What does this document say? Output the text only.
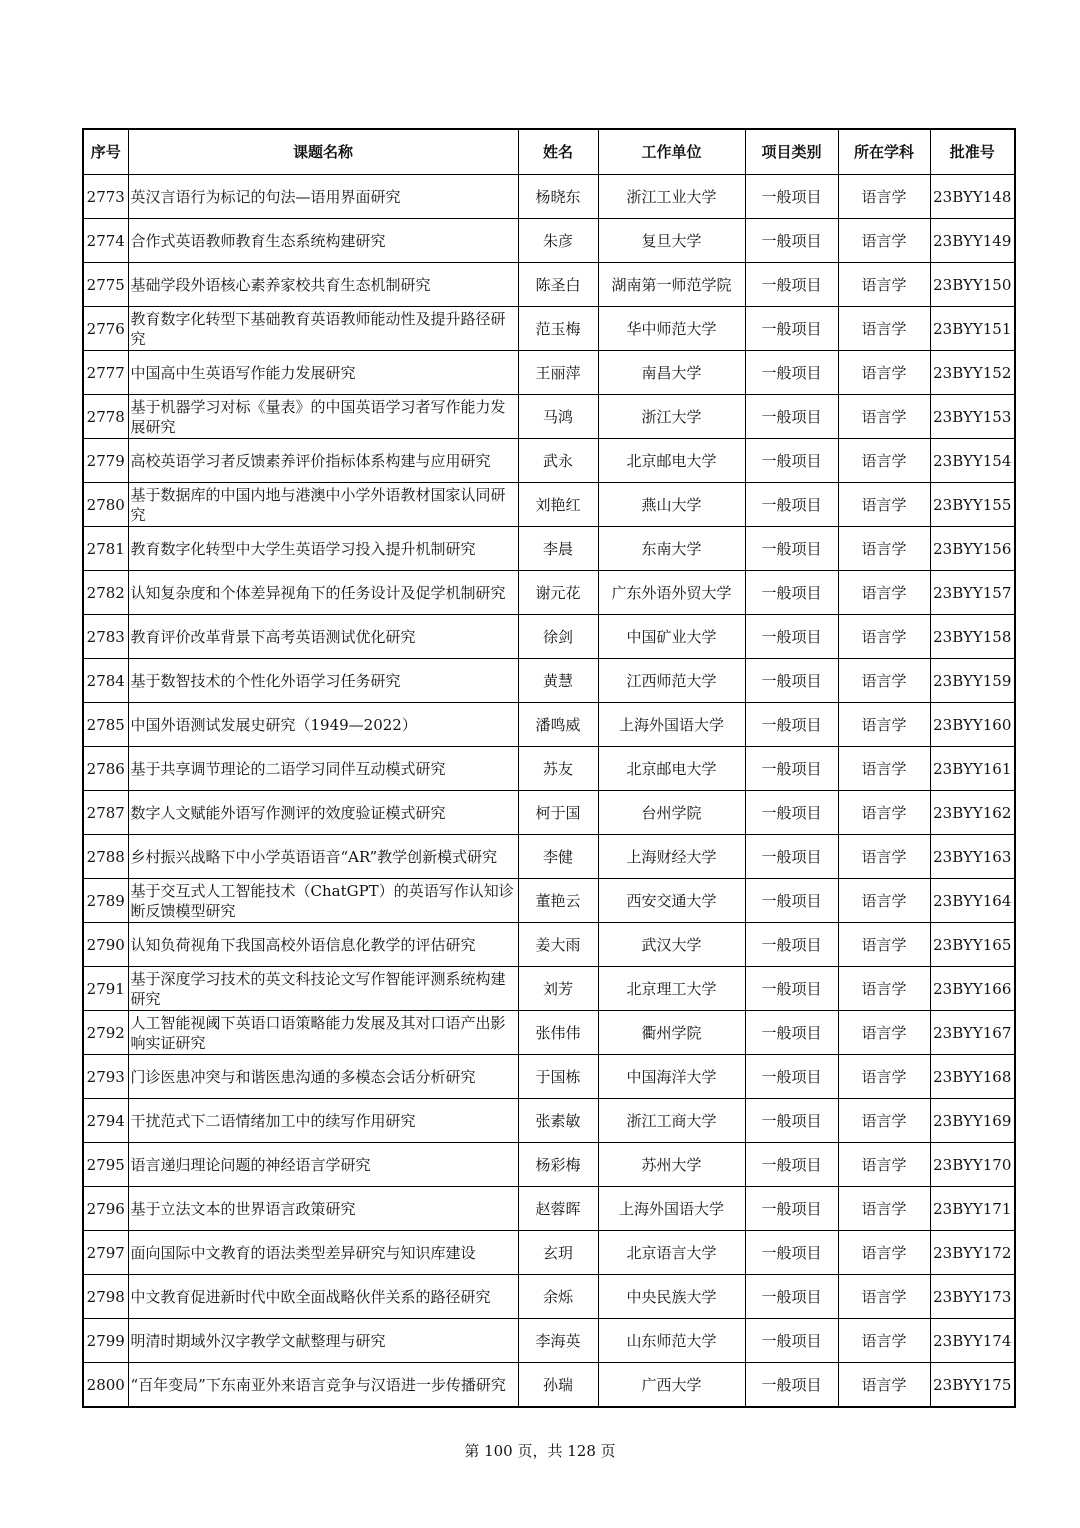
序号	课题名称	姓名	工作单位	项目类别	所在学科	批准号
2773	英汉言语行为标记的句法—语用界面研究	杨晓东	浙江工业大学	一般项目	语言学	23BYY148
2774	合作式英语教师教育生态系统构建研究	朱彦	复旦大学	一般项目	语言学	23BYY149
2775	基础学段外语核心素养家校共育生态机制研究	陈圣白	湖南第一师范学院	一般项目	语言学	23BYY150
2776	教育数字化转型下基础教育英语教师能动性及提升路径研究	范玉梅	华中师范大学	一般项目	语言学	23BYY151
2777	中国高中生英语写作能力发展研究	王丽萍	南昌大学	一般项目	语言学	23BYY152
2778	基于机器学习对标《量表》的中国英语学习者写作能力发展研究	马鸿	浙江大学	一般项目	语言学	23BYY153
2779	高校英语学习者反馈素养评价指标体系构建与应用研究	武永	北京邮电大学	一般项目	语言学	23BYY154
2780	基于数据库的中国内地与港澳中小学外语教材国家认同研究	刘艳红	燕山大学	一般项目	语言学	23BYY155
2781	教育数字化转型中大学生英语学习投入提升机制研究	李晨	东南大学	一般项目	语言学	23BYY156
2782	认知复杂度和个体差异视角下的任务设计及促学机制研究	谢元花	广东外语外贸大学	一般项目	语言学	23BYY157
2783	教育评价改革背景下高考英语测试优化研究	徐剑	中国矿业大学	一般项目	语言学	23BYY158
2784	基于数智技术的个性化外语学习任务研究	黄慧	江西师范大学	一般项目	语言学	23BYY159
2785	中国外语测试发展史研究（1949—2022）	潘鸣威	上海外国语大学	一般项目	语言学	23BYY160
2786	基于共享调节理论的二语学习同伴互动模式研究	苏友	北京邮电大学	一般项目	语言学	23BYY161
2787	数字人文赋能外语写作测评的效度验证模式研究	柯于国	台州学院	一般项目	语言学	23BYY162
2788	乡村振兴战略下中小学英语语音“AR”教学创新模式研究	李健	上海财经大学	一般项目	语言学	23BYY163
2789	基于交互式人工智能技术（ChatGPT）的英语写作认知诊断反馈模型研究	董艳云	西安交通大学	一般项目	语言学	23BYY164
2790	认知负荷视角下我国高校外语信息化教学的评估研究	姜大雨	武汉大学	一般项目	语言学	23BYY165
2791	基于深度学习技术的英文科技论文写作智能评测系统构建研究	刘芳	北京理工大学	一般项目	语言学	23BYY166
2792	人工智能视阈下英语口语策略能力发展及其对口语产出影响实证研究	张伟伟	衢州学院	一般项目	语言学	23BYY167
2793	门诊医患冲突与和谐医患沟通的多模态会话分析研究	于国栋	中国海洋大学	一般项目	语言学	23BYY168
2794	干扰范式下二语情绪加工中的续写作用研究	张素敏	浙江工商大学	一般项目	语言学	23BYY169
2795	语言递归理论问题的神经语言学研究	杨彩梅	苏州大学	一般项目	语言学	23BYY170
2796	基于立法文本的世界语言政策研究	赵蓉晖	上海外国语大学	一般项目	语言学	23BYY171
2797	面向国际中文教育的语法类型差异研究与知识库建设	玄玥	北京语言大学	一般项目	语言学	23BYY172
2798	中文教育促进新时代中欧全面战略伙伴关系的路径研究	余烁	中央民族大学	一般项目	语言学	23BYY173
2799	明清时期域外汉字教学文献整理与研究	李海英	山东师范大学	一般项目	语言学	23BYY174
2800	“百年变局”下东南亚外来语言竞争与汉语进一步传播研究	孙瑞	广西大学	一般项目	语言学	23BYY175
第 100 页，共 128 页
